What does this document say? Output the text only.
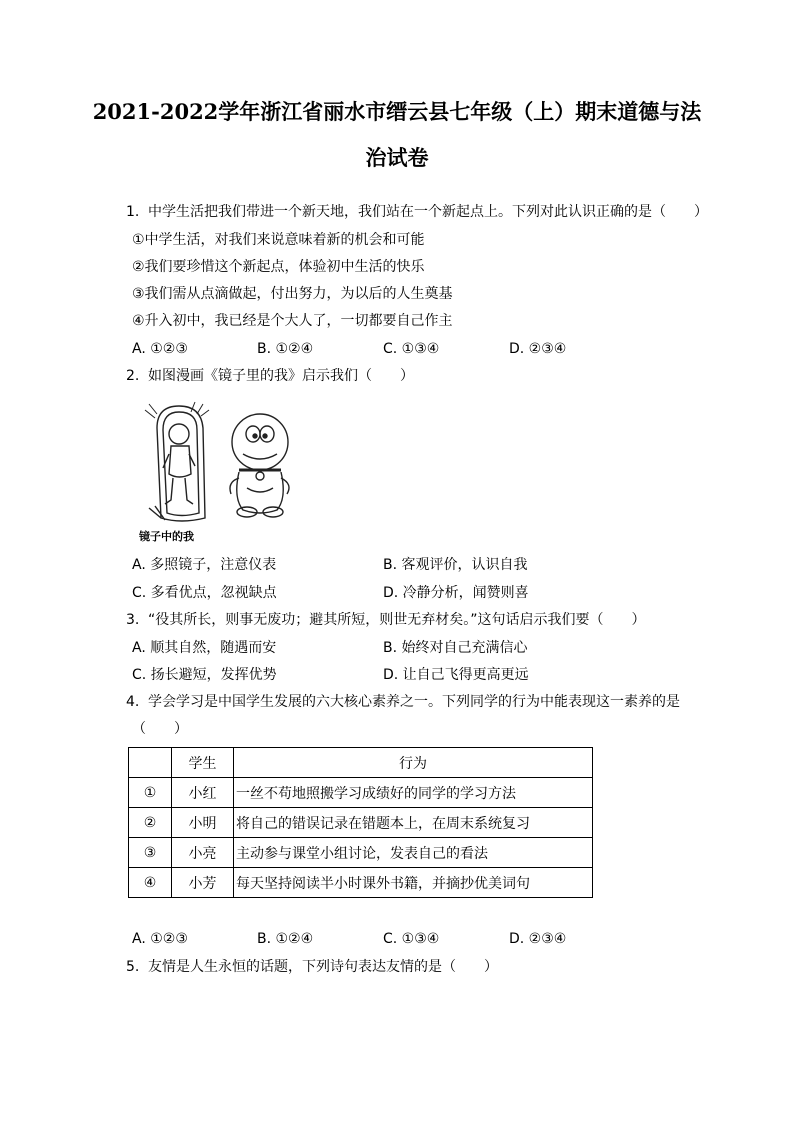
2021-2022学年浙江省丽水市缙云县七年级（上）期末道德与法
治试卷
1. 中学生活把我们带进一个新天地，我们站在一个新起点上。下列对此认识正确的是（　　）
①中学生活，对我们来说意味着新的机会和可能
②我们要珍惜这个新起点，体验初中生活的快乐
③我们需从点滴做起，付出努力，为以后的人生奠基
④升入初中，我已经是个大人了，一切都要自己作主
A. ①②③	B. ①②④	C. ①③④	D. ②③④
2. 如图漫画《镜子里的我》启示我们（　　）
镜子中的我
A. 多照镜子，注意仪表	B. 客观评价，认识自我
C. 多看优点，忽视缺点	D. 冷静分析，闻赞则喜
3. “役其所长，则事无废功；避其所短，则世无弃材矣。”这句话启示我们要（　　）
A. 顺其自然，随遇而安	B. 始终对自己充满信心
C. 扬长避短，发挥优势	D. 让自己飞得更高更远
4. 学会学习是中国学生发展的六大核心素养之一。下列同学的行为中能表现这一素养的是
（　　）
	学生	行为
①	小红	一丝不苟地照搬学习成绩好的同学的学习方法
②	小明	将自己的错误记录在错题本上，在周末系统复习
③	小亮	主动参与课堂小组讨论，发表自己的看法
④	小芳	每天坚持阅读半小时课外书籍，并摘抄优美词句
A. ①②③	B. ①②④	C. ①③④	D. ②③④
5. 友情是人生永恒的话题，下列诗句表达友情的是（　　）
